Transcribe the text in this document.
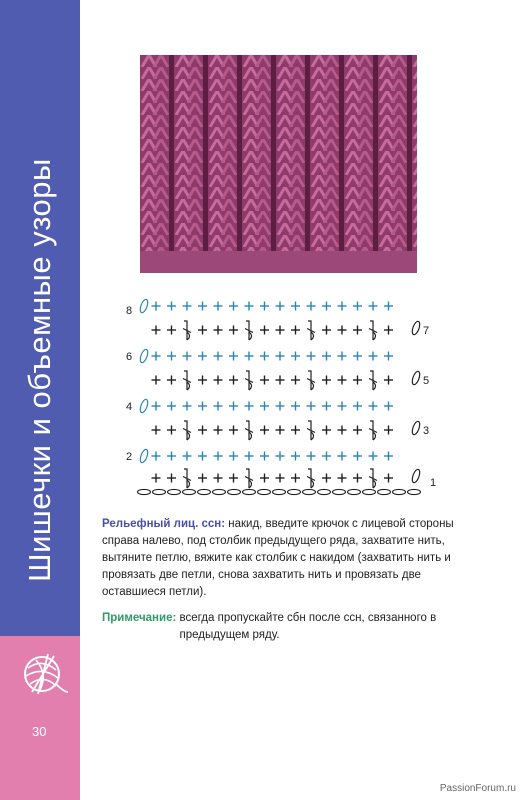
Шишечки и объемные узоры
30
8
6
4
2
7
5
3
1
Рельефный лиц. ссн: накид, введите крючок с лицевой стороны справа налево, под столбик предыдущего ряда, захватите нить, вытяните петлю, вяжите как столбик с накидом (захватить нить и провязать две петли, снова захватить нить и провязать две оставшиеся петли).
Примечание: всегда пропускайте сбн после ссн, связанного в предыдущем ряду.
PassionForum.ru
